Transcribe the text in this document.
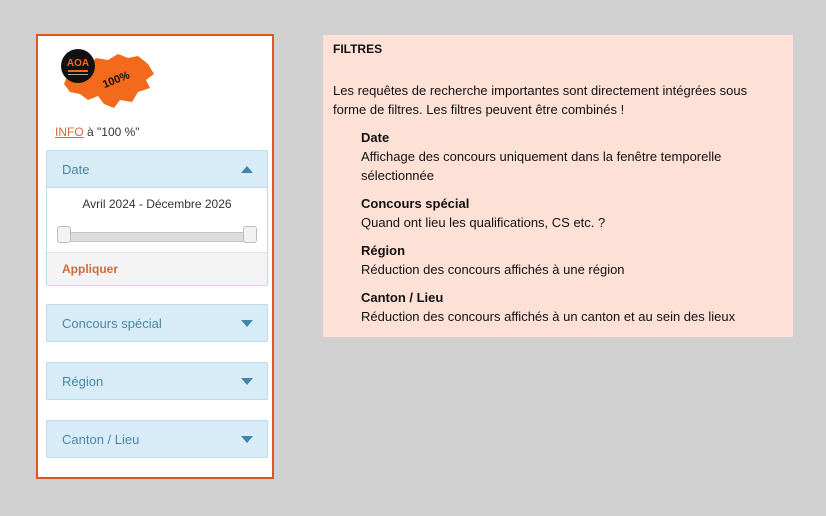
AOA
100%
INFO à "100 %"
Date
Avril 2024 - Décembre 2026
Appliquer
Concours spécial
Région
Canton / Lieu
FILTRES
Les requêtes de recherche importantes sont directement intégrées sous forme de filtres. Les filtres peuvent être combinés !
Date
Affichage des concours uniquement dans la fenêtre temporelle sélectionnée
Concours spécial
Quand ont lieu les qualifications, CS etc. ?
Région
Réduction des concours affichés à une région
Canton / Lieu
Réduction des concours affichés à un canton et au sein des lieux
